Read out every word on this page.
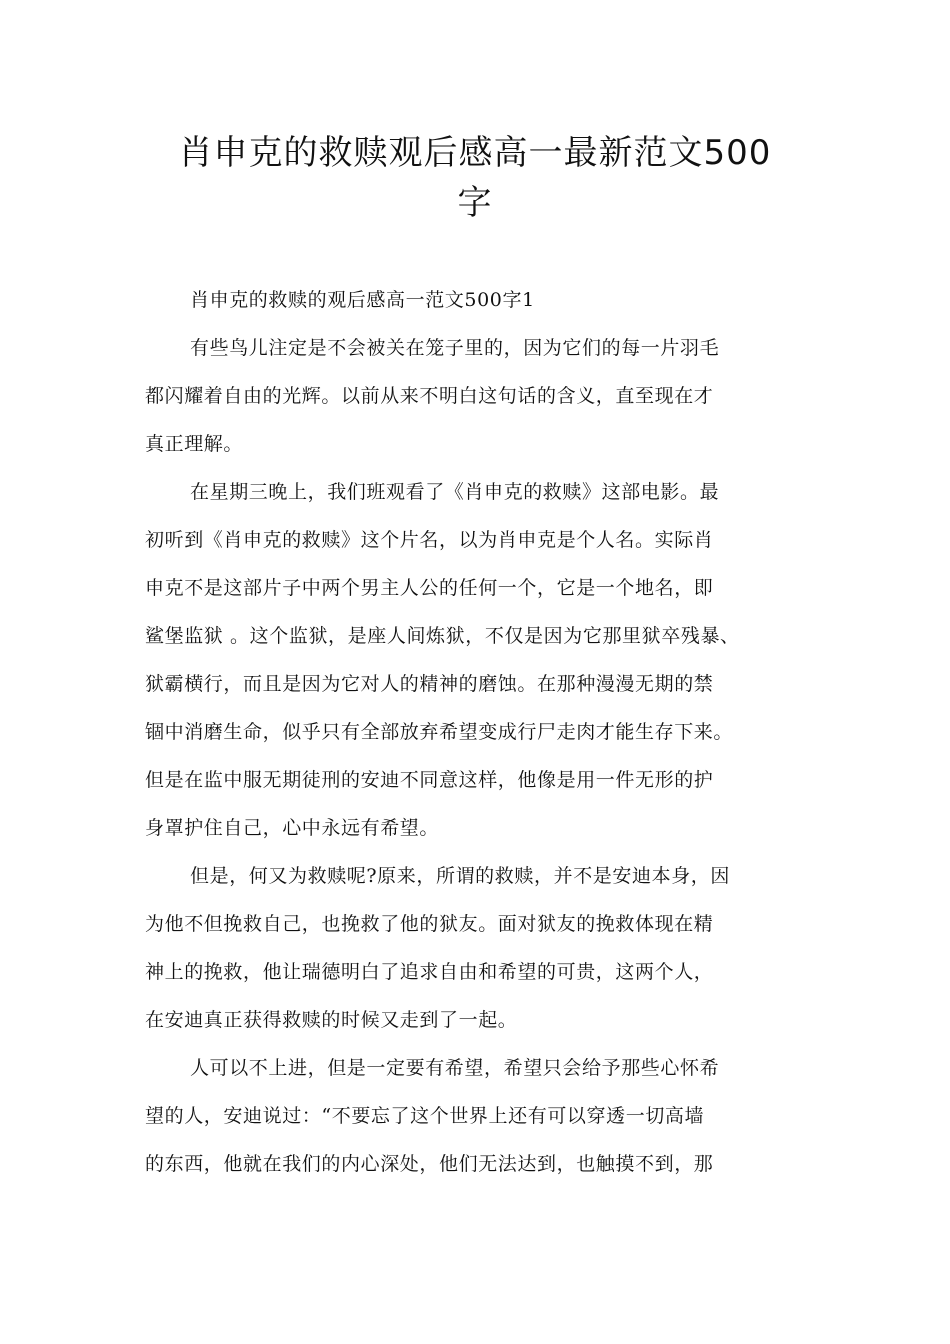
肖申克的救赎观后感高一最新范文500
字
肖申克的救赎的观后感高一范文500字1
有些鸟儿注定是不会被关在笼子里的，因为它们的每一片羽毛
都闪耀着自由的光辉。以前从来不明白这句话的含义，直至现在才
真正理解。
在星期三晚上，我们班观看了《肖申克的救赎》这部电影。最
初听到《肖申克的救赎》这个片名，以为肖申克是个人名。实际肖
申克不是这部片子中两个男主人公的任何一个，它是一个地名，即
鲨堡监狱 。这个监狱，是座人间炼狱，不仅是因为它那里狱卒残暴、
狱霸横行，而且是因为它对人的精神的磨蚀。在那种漫漫无期的禁
锢中消磨生命，似乎只有全部放弃希望变成行尸走肉才能生存下来。
但是在监中服无期徒刑的安迪不同意这样，他像是用一件无形的护
身罩护住自己，心中永远有希望。
但是，何又为救赎呢?原来，所谓的救赎，并不是安迪本身，因
为他不但挽救自己，也挽救了他的狱友。面对狱友的挽救体现在精
神上的挽救，他让瑞德明白了追求自由和希望的可贵，这两个人，
在安迪真正获得救赎的时候又走到了一起。
人可以不上进，但是一定要有希望，希望只会给予那些心怀希
望的人，安迪说过：“不要忘了这个世界上还有可以穿透一切高墙
的东西，他就在我们的内心深处，他们无法达到，也触摸不到，那
